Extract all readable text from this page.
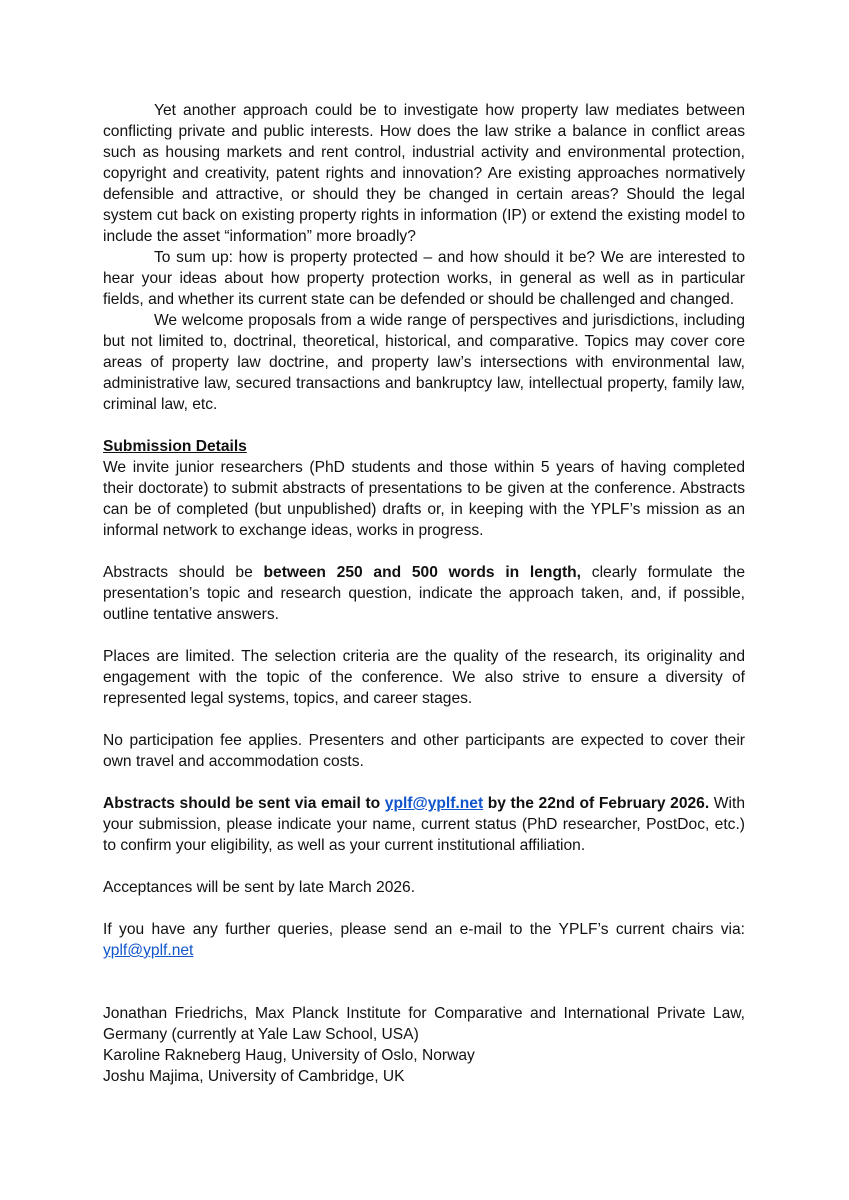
Yet another approach could be to investigate how property law mediates between conflicting private and public interests. How does the law strike a balance in conflict areas such as housing markets and rent control, industrial activity and environmental protection, copyright and creativity, patent rights and innovation? Are existing approaches normatively defensible and attractive, or should they be changed in certain areas? Should the legal system cut back on existing property rights in information (IP) or extend the existing model to include the asset “information” more broadly?

To sum up: how is property protected – and how should it be? We are interested to hear your ideas about how property protection works, in general as well as in particular fields, and whether its current state can be defended or should be challenged and changed.

We welcome proposals from a wide range of perspectives and jurisdictions, including but not limited to, doctrinal, theoretical, historical, and comparative. Topics may cover core areas of property law doctrine, and property law’s intersections with environmental law, administrative law, secured transactions and bankruptcy law, intellectual property, family law, criminal law, etc.

Submission Details

We invite junior researchers (PhD students and those within 5 years of having completed their doctorate) to submit abstracts of presentations to be given at the conference. Abstracts can be of completed (but unpublished) drafts or, in keeping with the YPLF’s mission as an informal network to exchange ideas, works in progress.

Abstracts should be between 250 and 500 words in length, clearly formulate the presentation’s topic and research question, indicate the approach taken, and, if possible, outline tentative answers.

Places are limited. The selection criteria are the quality of the research, its originality and engagement with the topic of the conference. We also strive to ensure a diversity of represented legal systems, topics, and career stages.

No participation fee applies. Presenters and other participants are expected to cover their own travel and accommodation costs.

Abstracts should be sent via email to yplf@yplf.net by the 22nd of February 2026. With your submission, please indicate your name, current status (PhD researcher, PostDoc, etc.) to confirm your eligibility, as well as your current institutional affiliation.

Acceptances will be sent by late March 2026.

If you have any further queries, please send an e-mail to the YPLF’s current chairs via: yplf@yplf.net

Jonathan Friedrichs, Max Planck Institute for Comparative and International Private Law, Germany (currently at Yale Law School, USA)

Karoline Rakneberg Haug, University of Oslo, Norway

Joshu Majima, University of Cambridge, UK
